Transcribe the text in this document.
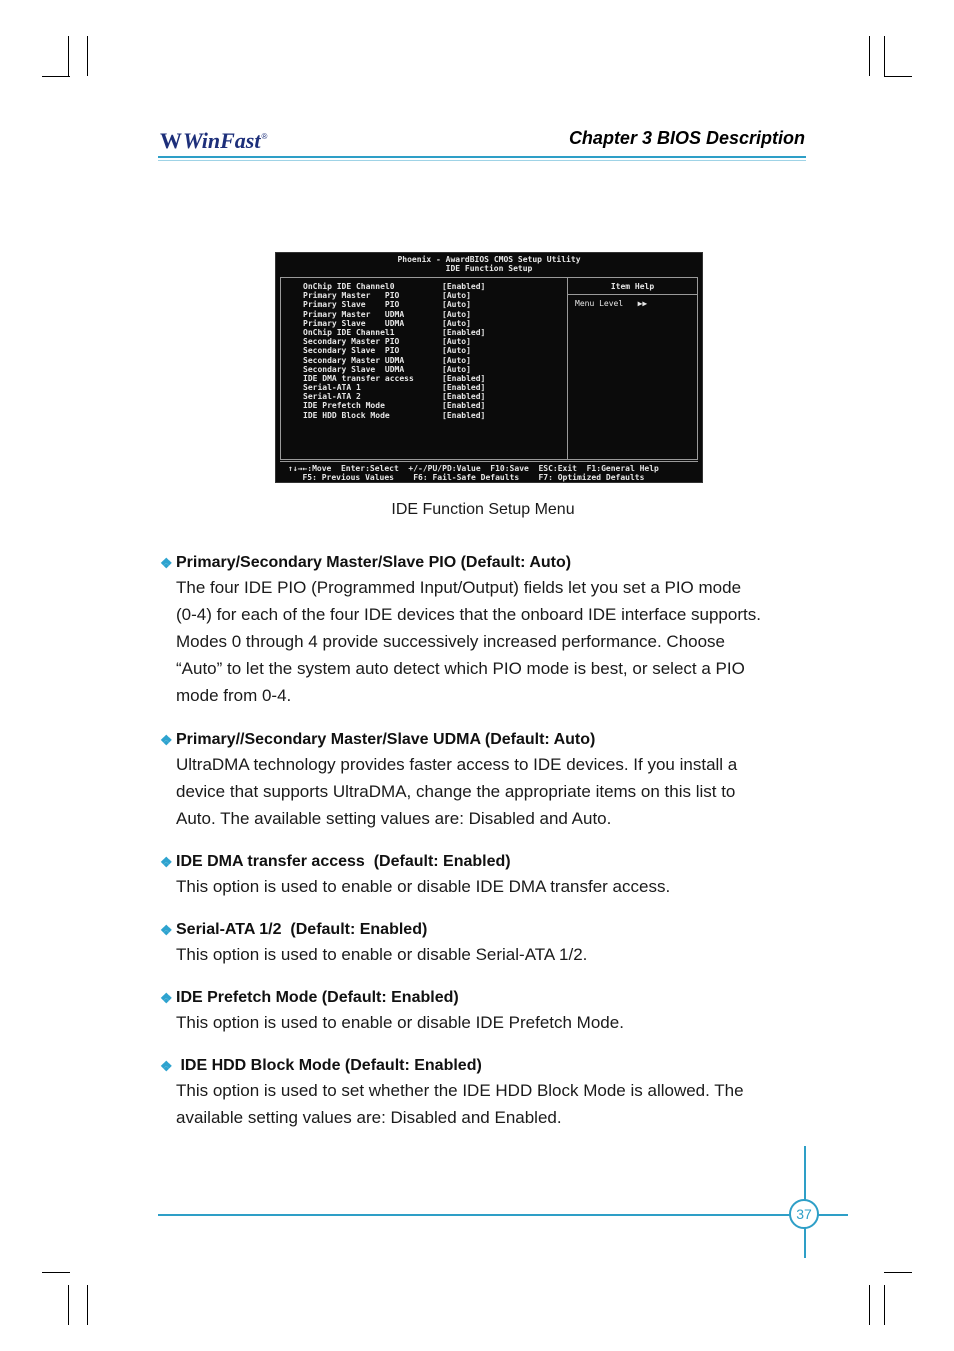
W WinFast ®	Chapter 3 BIOS Description
Phoenix - AwardBIOS CMOS Setup Utility
IDE Function Setup
OnChip IDE Channel0	[Enabled]
Primary Master   PIO	[Auto]
Primary Slave    PIO	[Auto]
Primary Master   UDMA	[Auto]
Primary Slave    UDMA	[Auto]
OnChip IDE Channel1	[Enabled]
Secondary Master PIO	[Auto]
Secondary Slave  PIO	[Auto]
Secondary Master UDMA	[Auto]
Secondary Slave  UDMA	[Auto]
IDE DMA transfer access	[Enabled]
Serial-ATA 1	[Enabled]
Serial-ATA 2	[Enabled]
IDE Prefetch Mode	[Enabled]
IDE HDD Block Mode	[Enabled]
Item Help
Menu Level   ▶▶
↑↓→←:Move  Enter:Select  +/-/PU/PD:Value  F10:Save  ESC:Exit  F1:General Help
F5: Previous Values    F6: Fail-Safe Defaults    F7: Optimized Defaults
IDE Function Setup Menu
❖ Primary/Secondary Master/Slave PIO (Default: Auto)
The four IDE PIO (Programmed Input/Output) fields let you set a PIO mode
(0-4) for each of the four IDE devices that the onboard IDE interface supports.
Modes 0 through 4 provide successively increased performance. Choose
“Auto” to let the system auto detect which PIO mode is best, or select a PIO
mode from 0-4.
❖ Primary//Secondary Master/Slave UDMA (Default: Auto)
UltraDMA technology provides faster access to IDE devices. If you install a
device that supports UltraDMA, change the appropriate items on this list to
Auto. The available setting values are: Disabled and Auto.
❖ IDE DMA transfer access  (Default: Enabled)
This option is used to enable or disable IDE DMA transfer access.
❖ Serial-ATA 1/2  (Default: Enabled)
This option is used to enable or disable Serial-ATA 1/2.
❖ IDE Prefetch Mode (Default: Enabled)
This option is used to enable or disable IDE Prefetch Mode.
❖ IDE HDD Block Mode (Default: Enabled)
This option is used to set whether the IDE HDD Block Mode is allowed. The
available setting values are: Disabled and Enabled.
37
